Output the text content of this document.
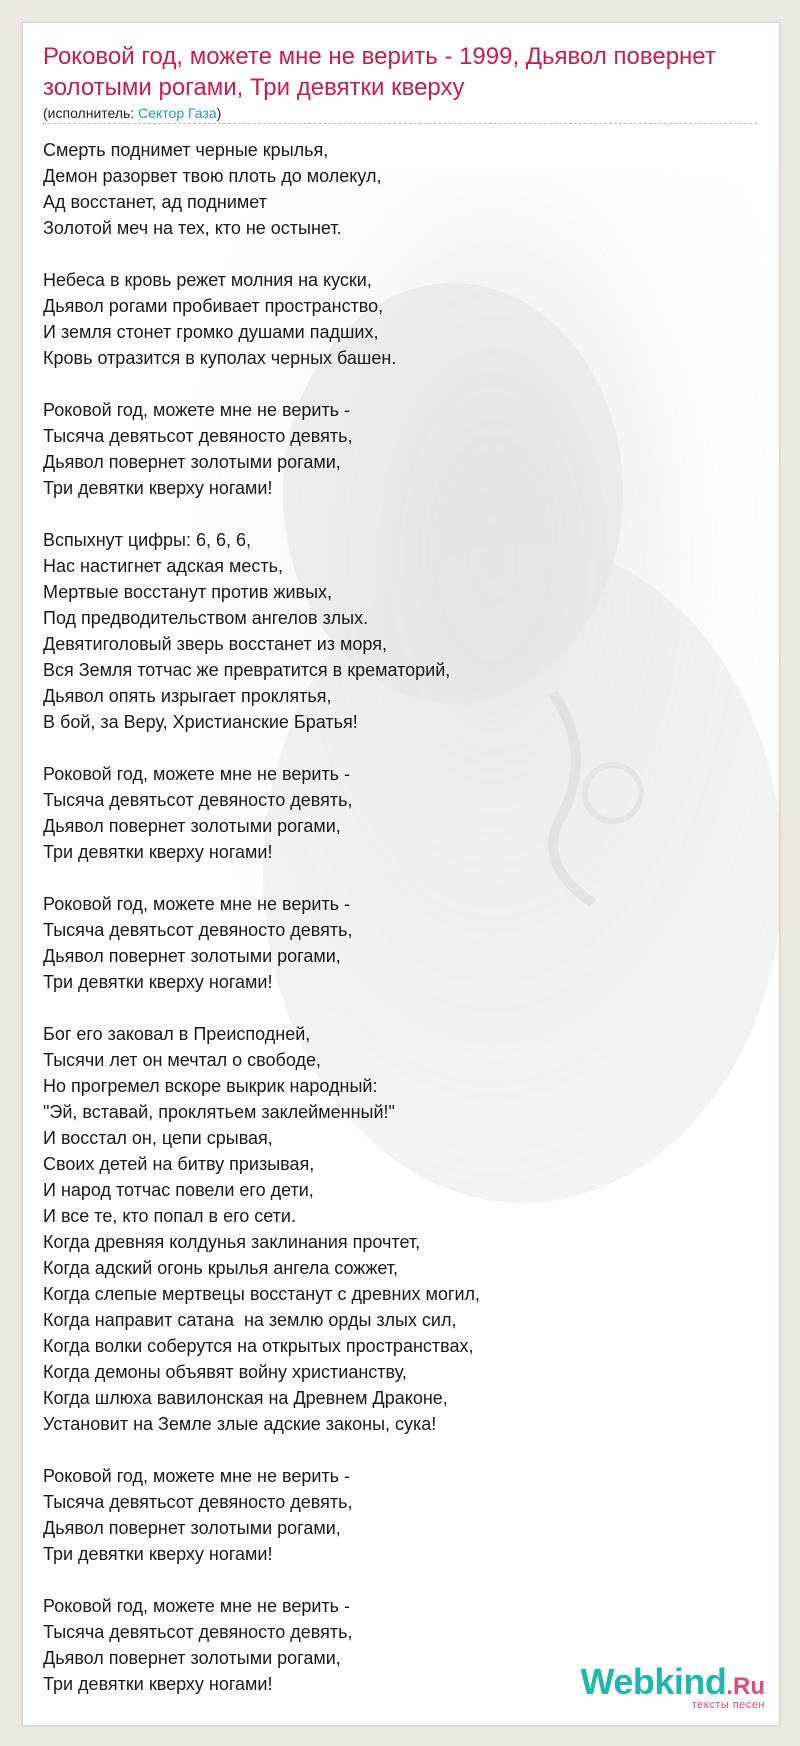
Роковой год, можете мне не верить - 1999, Дьявол повернет золотыми рогами, Три девятки кверху
(исполнитель: Сектор Газа)
Смерть поднимет черные крылья,
Демон разорвет твою плоть до молекул,
Ад восстанет, ад поднимет
Золотой меч на тех, кто не остынет.
Небеса в кровь режет молния на куски,
Дьявол рогами пробивает пространство,
И земля стонет громко душами падших,
Кровь отразится в куполах черных башен.
Роковой год, можете мне не верить -
Тысяча девятьсот девяносто девять,
Дьявол повернет золотыми рогами,
Три девятки кверху ногами!
Вспыхнут цифры: 6, 6, 6,
Нас настигнет адская месть,
Мертвые восстанут против живых,
Под предводительством ангелов злых.
Девятиголовый зверь восстанет из моря,
Вся Земля тотчас же превратится в крематорий,
Дьявол опять изрыгает проклятья,
В бой, за Веру, Христианские Братья!
Роковой год, можете мне не верить -
Тысяча девятьсот девяносто девять,
Дьявол повернет золотыми рогами,
Три девятки кверху ногами!
Роковой год, можете мне не верить -
Тысяча девятьсот девяносто девять,
Дьявол повернет золотыми рогами,
Три девятки кверху ногами!
Бог его заковал в Преисподней,
Тысячи лет он мечтал о свободе,
Но прогремел вскоре выкрик народный:
"Эй, вставай, проклятьем заклейменный!"
И восстал он, цепи срывая,
Своих детей на битву призывая,
И народ тотчас повели его дети,
И все те, кто попал в его сети.
Когда древняя колдунья заклинания прочтет,
Когда адский огонь крылья ангела сожжет,
Когда слепые мертвецы восстанут с древних могил,
Когда направит сатана  на землю орды злых сил,
Когда волки соберутся на открытых пространствах,
Когда демоны объявят войну христианству,
Когда шлюха вавилонская на Древнем Драконе,
Установит на Земле злые адские законы, сука!
Роковой год, можете мне не верить -
Тысяча девятьсот девяносто девять,
Дьявол повернет золотыми рогами,
Три девятки кверху ногами!
Роковой год, можете мне не верить -
Тысяча девятьсот девяносто девять,
Дьявол повернет золотыми рогами,
Три девятки кверху ногами!	Webkind.Ru
тексты песен
